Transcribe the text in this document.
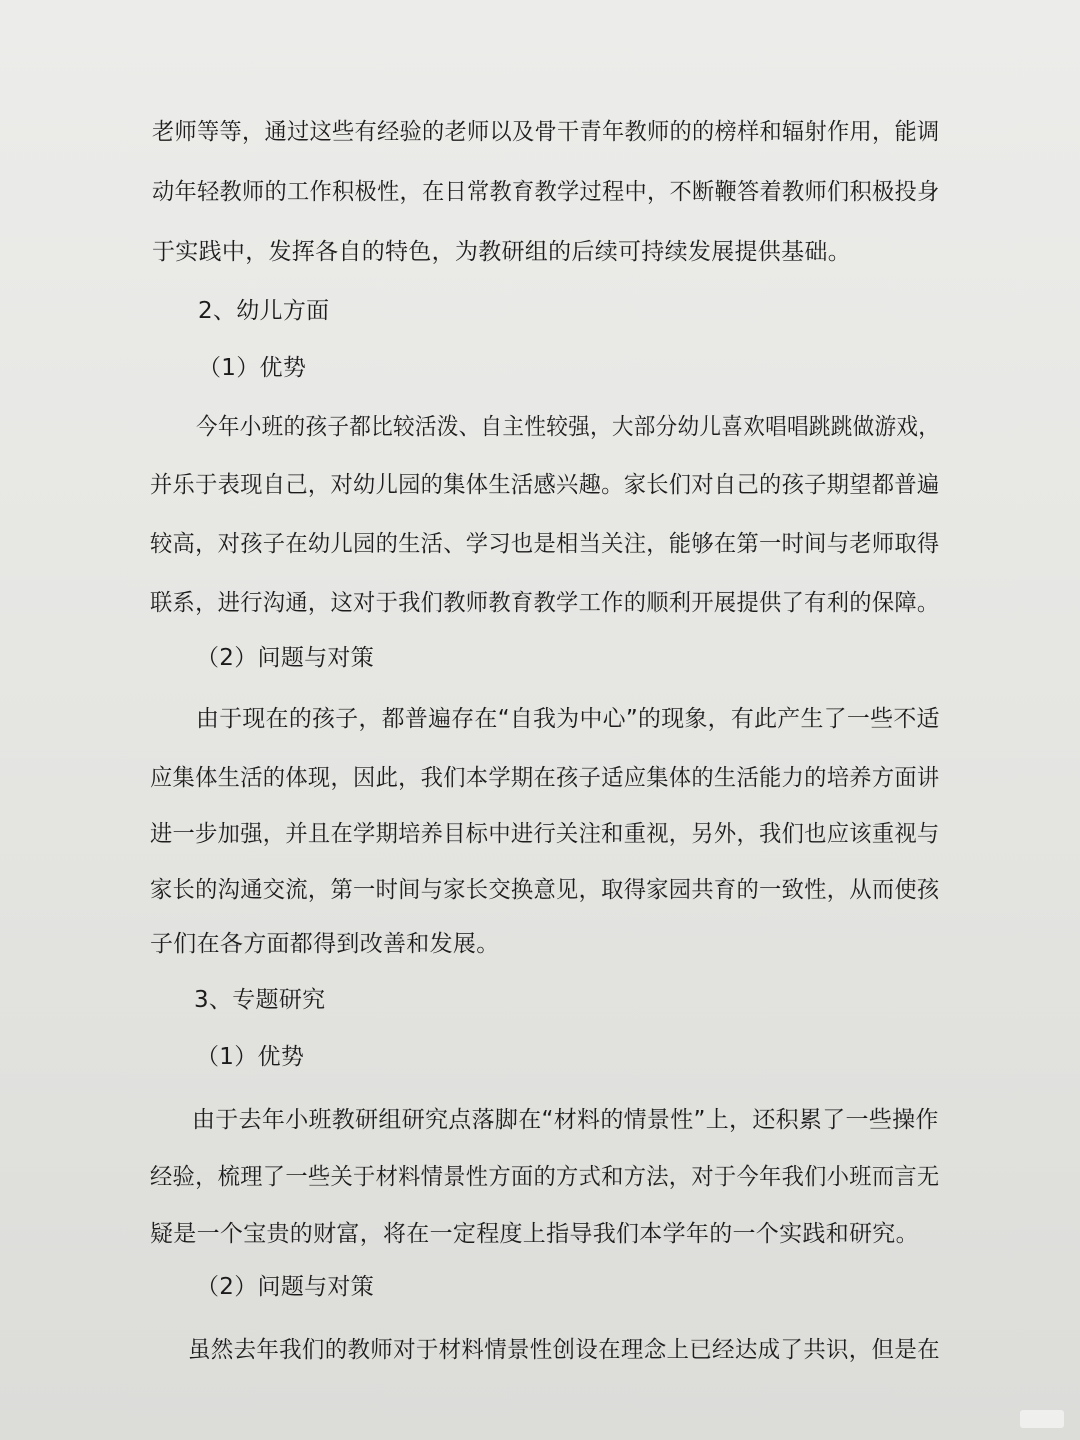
老师等等，通过这些有经验的老师以及骨干青年教师的的榜样和辐射作用，能调
动年轻教师的工作积极性，在日常教育教学过程中，不断鞭答着教师们积极投身
于实践中，发挥各自的特色，为教研组的后续可持续发展提供基础。
2、幼儿方面
（1）优势
今年小班的孩子都比较活泼、自主性较强，大部分幼儿喜欢唱唱跳跳做游戏，
并乐于表现自己，对幼儿园的集体生活感兴趣。家长们对自己的孩子期望都普遍
较高，对孩子在幼儿园的生活、学习也是相当关注，能够在第一时间与老师取得
联系，进行沟通，这对于我们教师教育教学工作的顺利开展提供了有利的保障。
（2）问题与对策
由于现在的孩子，都普遍存在“自我为中心”的现象，有此产生了一些不适
应集体生活的体现，因此，我们本学期在孩子适应集体的生活能力的培养方面讲
进一步加强，并且在学期培养目标中进行关注和重视，另外，我们也应该重视与
家长的沟通交流，第一时间与家长交换意见，取得家园共育的一致性，从而使孩
子们在各方面都得到改善和发展。
3、专题研究
（1）优势
由于去年小班教研组研究点落脚在“材料的情景性”上，还积累了一些操作
经验，梳理了一些关于材料情景性方面的方式和方法，对于今年我们小班而言无
疑是一个宝贵的财富，将在一定程度上指导我们本学年的一个实践和研究。
（2）问题与对策
虽然去年我们的教师对于材料情景性创设在理念上已经达成了共识，但是在
